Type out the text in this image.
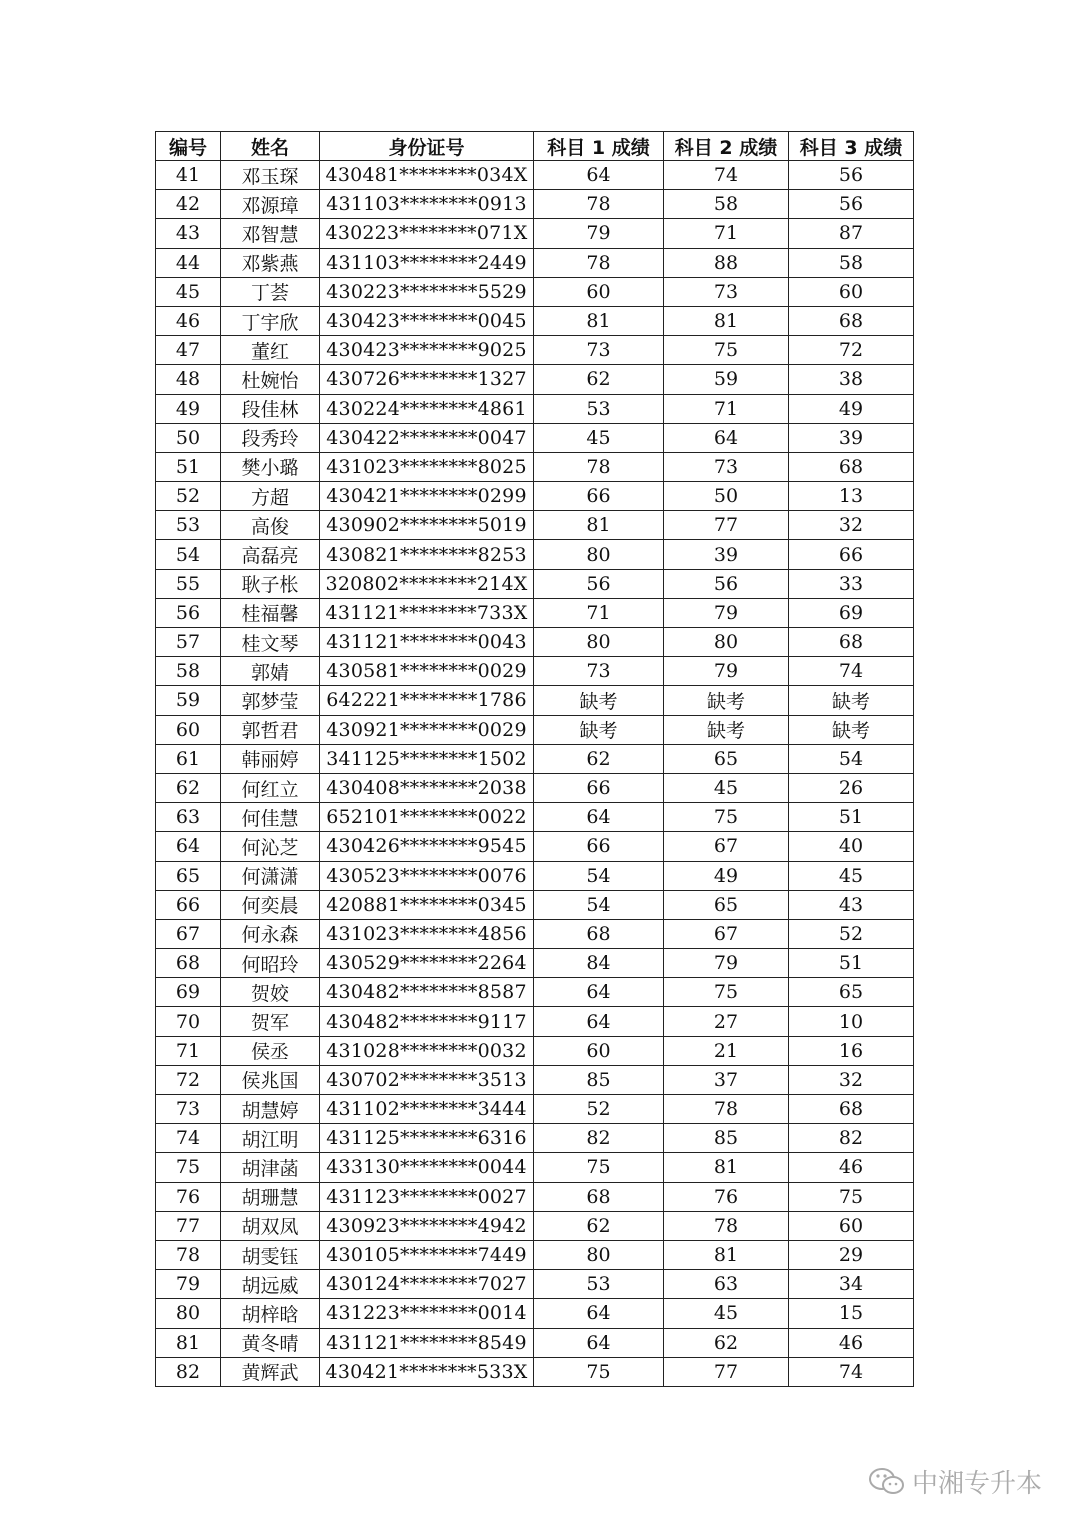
编号	姓名	身份证号	科目 1 成绩	科目 2 成绩	科目 3 成绩
41	邓玉琛	430481********034X	64	74	56
42	邓源璋	431103********0913	78	58	56
43	邓智慧	430223********071X	79	71	87
44	邓紫燕	431103********2449	78	88	58
45	丁荟	430223********5529	60	73	60
46	丁宇欣	430423********0045	81	81	68
47	董红	430423********9025	73	75	72
48	杜婉怡	430726********1327	62	59	38
49	段佳林	430224********4861	53	71	49
50	段秀玲	430422********0047	45	64	39
51	樊小璐	431023********8025	78	73	68
52	方超	430421********0299	66	50	13
53	高俊	430902********5019	81	77	32
54	高磊亮	430821********8253	80	39	66
55	耿子枨	320802********214X	56	56	33
56	桂福馨	431121********733X	71	79	69
57	桂文琴	431121********0043	80	80	68
58	郭婧	430581********0029	73	79	74
59	郭梦莹	642221********1786	缺考	缺考	缺考
60	郭哲君	430921********0029	缺考	缺考	缺考
61	韩丽婷	341125********1502	62	65	54
62	何红立	430408********2038	66	45	26
63	何佳慧	652101********0022	64	75	51
64	何沁芝	430426********9545	66	67	40
65	何潇潇	430523********0076	54	49	45
66	何奕晨	420881********0345	54	65	43
67	何永森	431023********4856	68	67	52
68	何昭玲	430529********2264	84	79	51
69	贺姣	430482********8587	64	75	65
70	贺军	430482********9117	64	27	10
71	侯丞	431028********0032	60	21	16
72	侯兆国	430702********3513	85	37	32
73	胡慧婷	431102********3444	52	78	68
74	胡江明	431125********6316	82	85	82
75	胡津菡	433130********0044	75	81	46
76	胡珊慧	431123********0027	68	76	75
77	胡双凤	430923********4942	62	78	60
78	胡雯钰	430105********7449	80	81	29
79	胡远威	430124********7027	53	63	34
80	胡梓晗	431223********0014	64	45	15
81	黄冬晴	431121********8549	64	62	46
82	黄辉武	430421********533X	75	77	74
中湘专升本
